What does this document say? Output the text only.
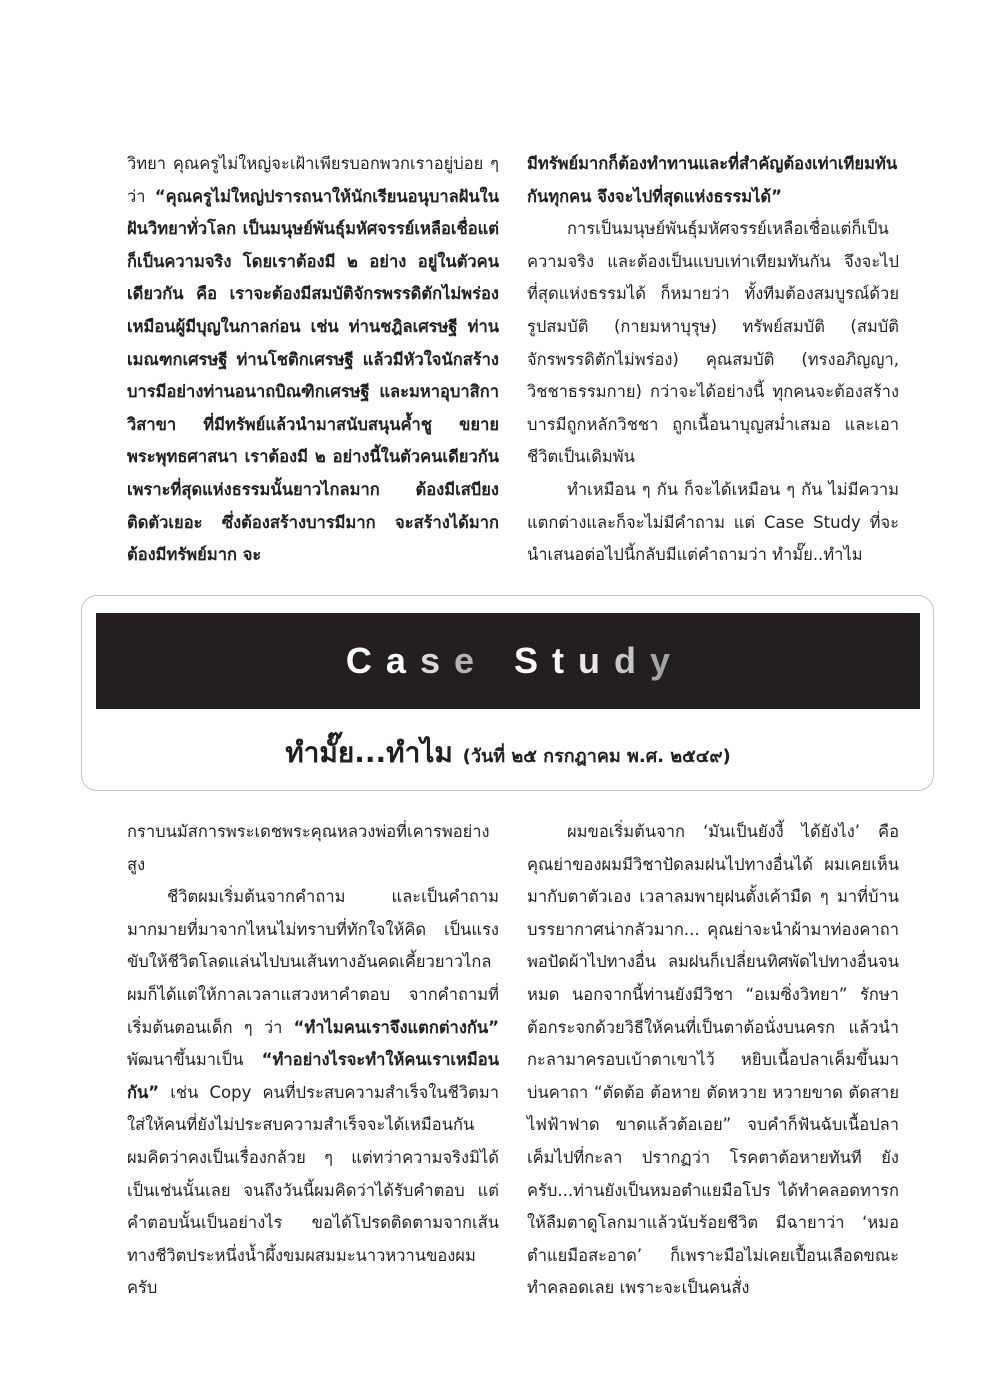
วิทยา คุณครูไม่ใหญ่จะเฝ้าเพียรบอกพวกเราอยู่บ่อย ๆ ว่า “คุณครูไม่ใหญ่ปรารถนาให้นักเรียนอนุบาลฝันในฝันวิทยาทั่วโลก เป็นมนุษย์พันธุ์มหัศจรรย์เหลือเชื่อแต่ก็เป็นความจริง โดยเราต้องมี ๒ อย่าง อยู่ในตัวคนเดียวกัน คือ เราจะต้องมีสมบัติจักรพรรดิตักไม่พร่อง เหมือนผู้มีบุญในกาลก่อน เช่น ท่านชฎิลเศรษฐี ท่านเมณฑกเศรษฐี ท่านโชติกเศรษฐี แล้วมีหัวใจนักสร้างบารมีอย่างท่านอนาถบิณฑิกเศรษฐี และมหาอุบาสิกาวิสาขา ที่มีทรัพย์แล้วนำมาสนับสนุนค้ำชู ขยายพระพุทธศาสนา เราต้องมี ๒ อย่างนี้ในตัวคนเดียวกัน เพราะที่สุดแห่งธรรมนั้นยาวไกลมาก ต้องมีเสบียงติดตัวเยอะ ซึ่งต้องสร้างบารมีมาก จะสร้างได้มากต้องมีทรัพย์มาก จะ

มีทรัพย์มากก็ต้องทำทานและที่สำคัญต้องเท่าเทียมทันกันทุกคน จึงจะไปที่สุดแห่งธรรมได้”

การเป็นมนุษย์พันธุ์มหัศจรรย์เหลือเชื่อแต่ก็เป็นความจริง และต้องเป็นแบบเท่าเทียมทันกัน จึงจะไปที่สุดแห่งธรรมได้ ก็หมายว่า ทั้งทีมต้องสมบูรณ์ด้วยรูปสมบัติ (กายมหาบุรุษ) ทรัพย์สมบัติ (สมบัติจักรพรรดิตักไม่พร่อง) คุณสมบัติ (ทรงอภิญญา, วิชชาธรรมกาย) กว่าจะได้อย่างนี้ ทุกคนจะต้องสร้างบารมีถูกหลักวิชชา ถูกเนื้อนาบุญสม่ำเสมอ และเอาชีวิตเป็นเดิมพัน

ทำเหมือน ๆ กัน ก็จะได้เหมือน ๆ กัน ไม่มีความแตกต่างและก็จะไม่มีคำถาม แต่ Case Study ที่จะนำเสนอต่อไปนี้กลับมีแต่คำถามว่า ทำมั๊ย..ทำไม

Case Study
ทำมั๊ย...ทำไม (วันที่ ๒๕ กรกฎาคม พ.ศ. ๒๕๔๙)

กราบนมัสการพระเดชพระคุณหลวงพ่อที่เคารพอย่างสูง

ชีวิตผมเริ่มต้นจากคำถาม และเป็นคำถามมากมายที่มาจากไหนไม่ทราบที่ทักใจให้คิด เป็นแรงขับให้ชีวิตโลดแล่นไปบนเส้นทางอันคดเคี้ยวยาวไกล ผมก็ได้แต่ให้กาลเวลาแสวงหาคำตอบ จากคำถามที่เริ่มต้นตอนเด็ก ๆ ว่า “ทำไมคนเราจึงแตกต่างกัน” พัฒนาขึ้นมาเป็น “ทำอย่างไรจะทำให้คนเราเหมือนกัน” เช่น Copy คนที่ประสบความสำเร็จในชีวิตมาใส่ให้คนที่ยังไม่ประสบความสำเร็จจะได้เหมือนกัน ผมคิดว่าคงเป็นเรื่องกล้วย ๆ แต่ทว่าความจริงมิได้เป็นเช่นนั้นเลย จนถึงวันนี้ผมคิดว่าได้รับคำตอบ แต่คำตอบนั้นเป็นอย่างไร ขอได้โปรดติดตามจากเส้นทางชีวิตประหนึ่งน้ำผึ้งขมผสมมะนาวหวานของผมครับ

ผมขอเริ่มต้นจาก ‘มันเป็นยังงี้ ได้ยังไง’ คือ คุณย่าของผมมีวิชาปัดลมฝนไปทางอื่นได้ ผมเคยเห็นมากับตาตัวเอง เวลาลมพายุฝนตั้งเค้ามืด ๆ มาที่บ้าน บรรยากาศน่ากลัวมาก... คุณย่าจะนำผ้ามาท่องคาถา พอปัดผ้าไปทางอื่น ลมฝนก็เปลี่ยนทิศพัดไปทางอื่นจนหมด นอกจากนี้ท่านยังมีวิชา “อเมซิ่งวิทยา” รักษาต้อกระจกด้วยวิธีให้คนที่เป็นตาต้อนั่งบนครก แล้วนำกะลามาครอบเบ้าตาเขาไว้ หยิบเนื้อปลาเค็มขึ้นมาบ่นคาถา “ตัดต้อ ต้อหาย ตัดหวาย หวายขาด ตัดสายไฟฟ้าฟาด ขาดแล้วต้อเอย” จบคำก็ฟันฉับเนื้อปลาเค็มไปที่กะลา ปรากฏว่า โรคตาต้อหายทันที ยังครับ...ท่านยังเป็นหมอตำแยมือโปร ได้ทำคลอดทารกให้ลืมตาดูโลกมาแล้วนับร้อยชีวิต มีฉายาว่า ‘หมอตำแยมือสะอาด’ ก็เพราะมือไม่เคยเปื้อนเลือดขณะทำคลอดเลย เพราะจะเป็นคนสั่ง
